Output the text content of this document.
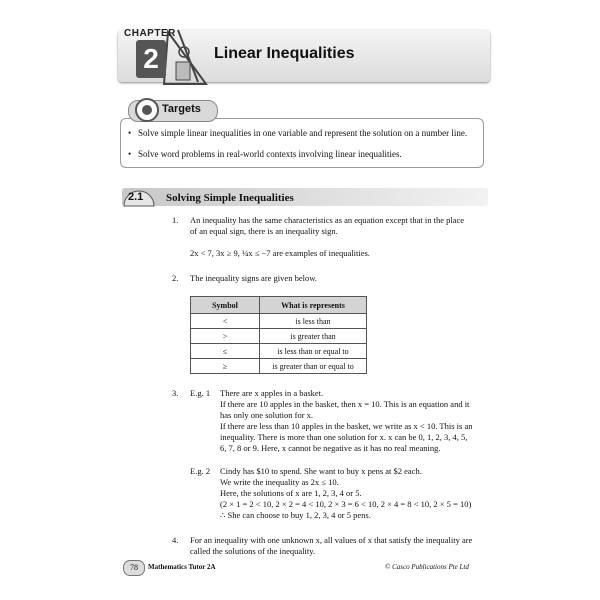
CHAPTER
2	Linear Inequalities
Targets
• Solve simple linear inequalities in one variable and represent the solution on a number line.
• Solve word problems in real-world contexts involving linear inequalities.
2.1 Solving Simple Inequalities
1. An inequality has the same characteristics as an equation except that in the place
of an equal sign, there is an inequality sign.
2x < 7, 3x ≥ 9, ¼x ≤ −7 are examples of inequalities.
2. The inequality signs are given below.
Symbol	What is represents
<	is less than
>	is greater than
≤	is less than or equal to
≥	is greater than or equal to
3. E.g. 1 There are x apples in a basket.
If there are 10 apples in the basket, then x = 10. This is an equation and it
has only one solution for x.
If there are less than 10 apples in the basket, we write as x < 10. This is an
inequality. There is more than one solution for x. x can be 0, 1, 2, 3, 4, 5,
6, 7, 8 or 9. Here, x cannot be negative as it has no real meaning.
E.g. 2 Cindy has $10 to spend. She want to buy x pens at $2 each.
We write the inequality as 2x ≤ 10.
Here, the solutions of x are 1, 2, 3, 4 or 5.
(2 × 1 = 2 < 10, 2 × 2 = 4 < 10, 2 × 3 = 6 < 10, 2 × 4 = 8 < 10, 2 × 5 = 10)
∴ She can choose to buy 1, 2, 3, 4 or 5 pens.
4. For an inequality with one unknown x, all values of x that satisfy the inequality are
called the solutions of the inequality.
78	Mathematics Tutor 2A	© Casco Publications Pte Ltd
